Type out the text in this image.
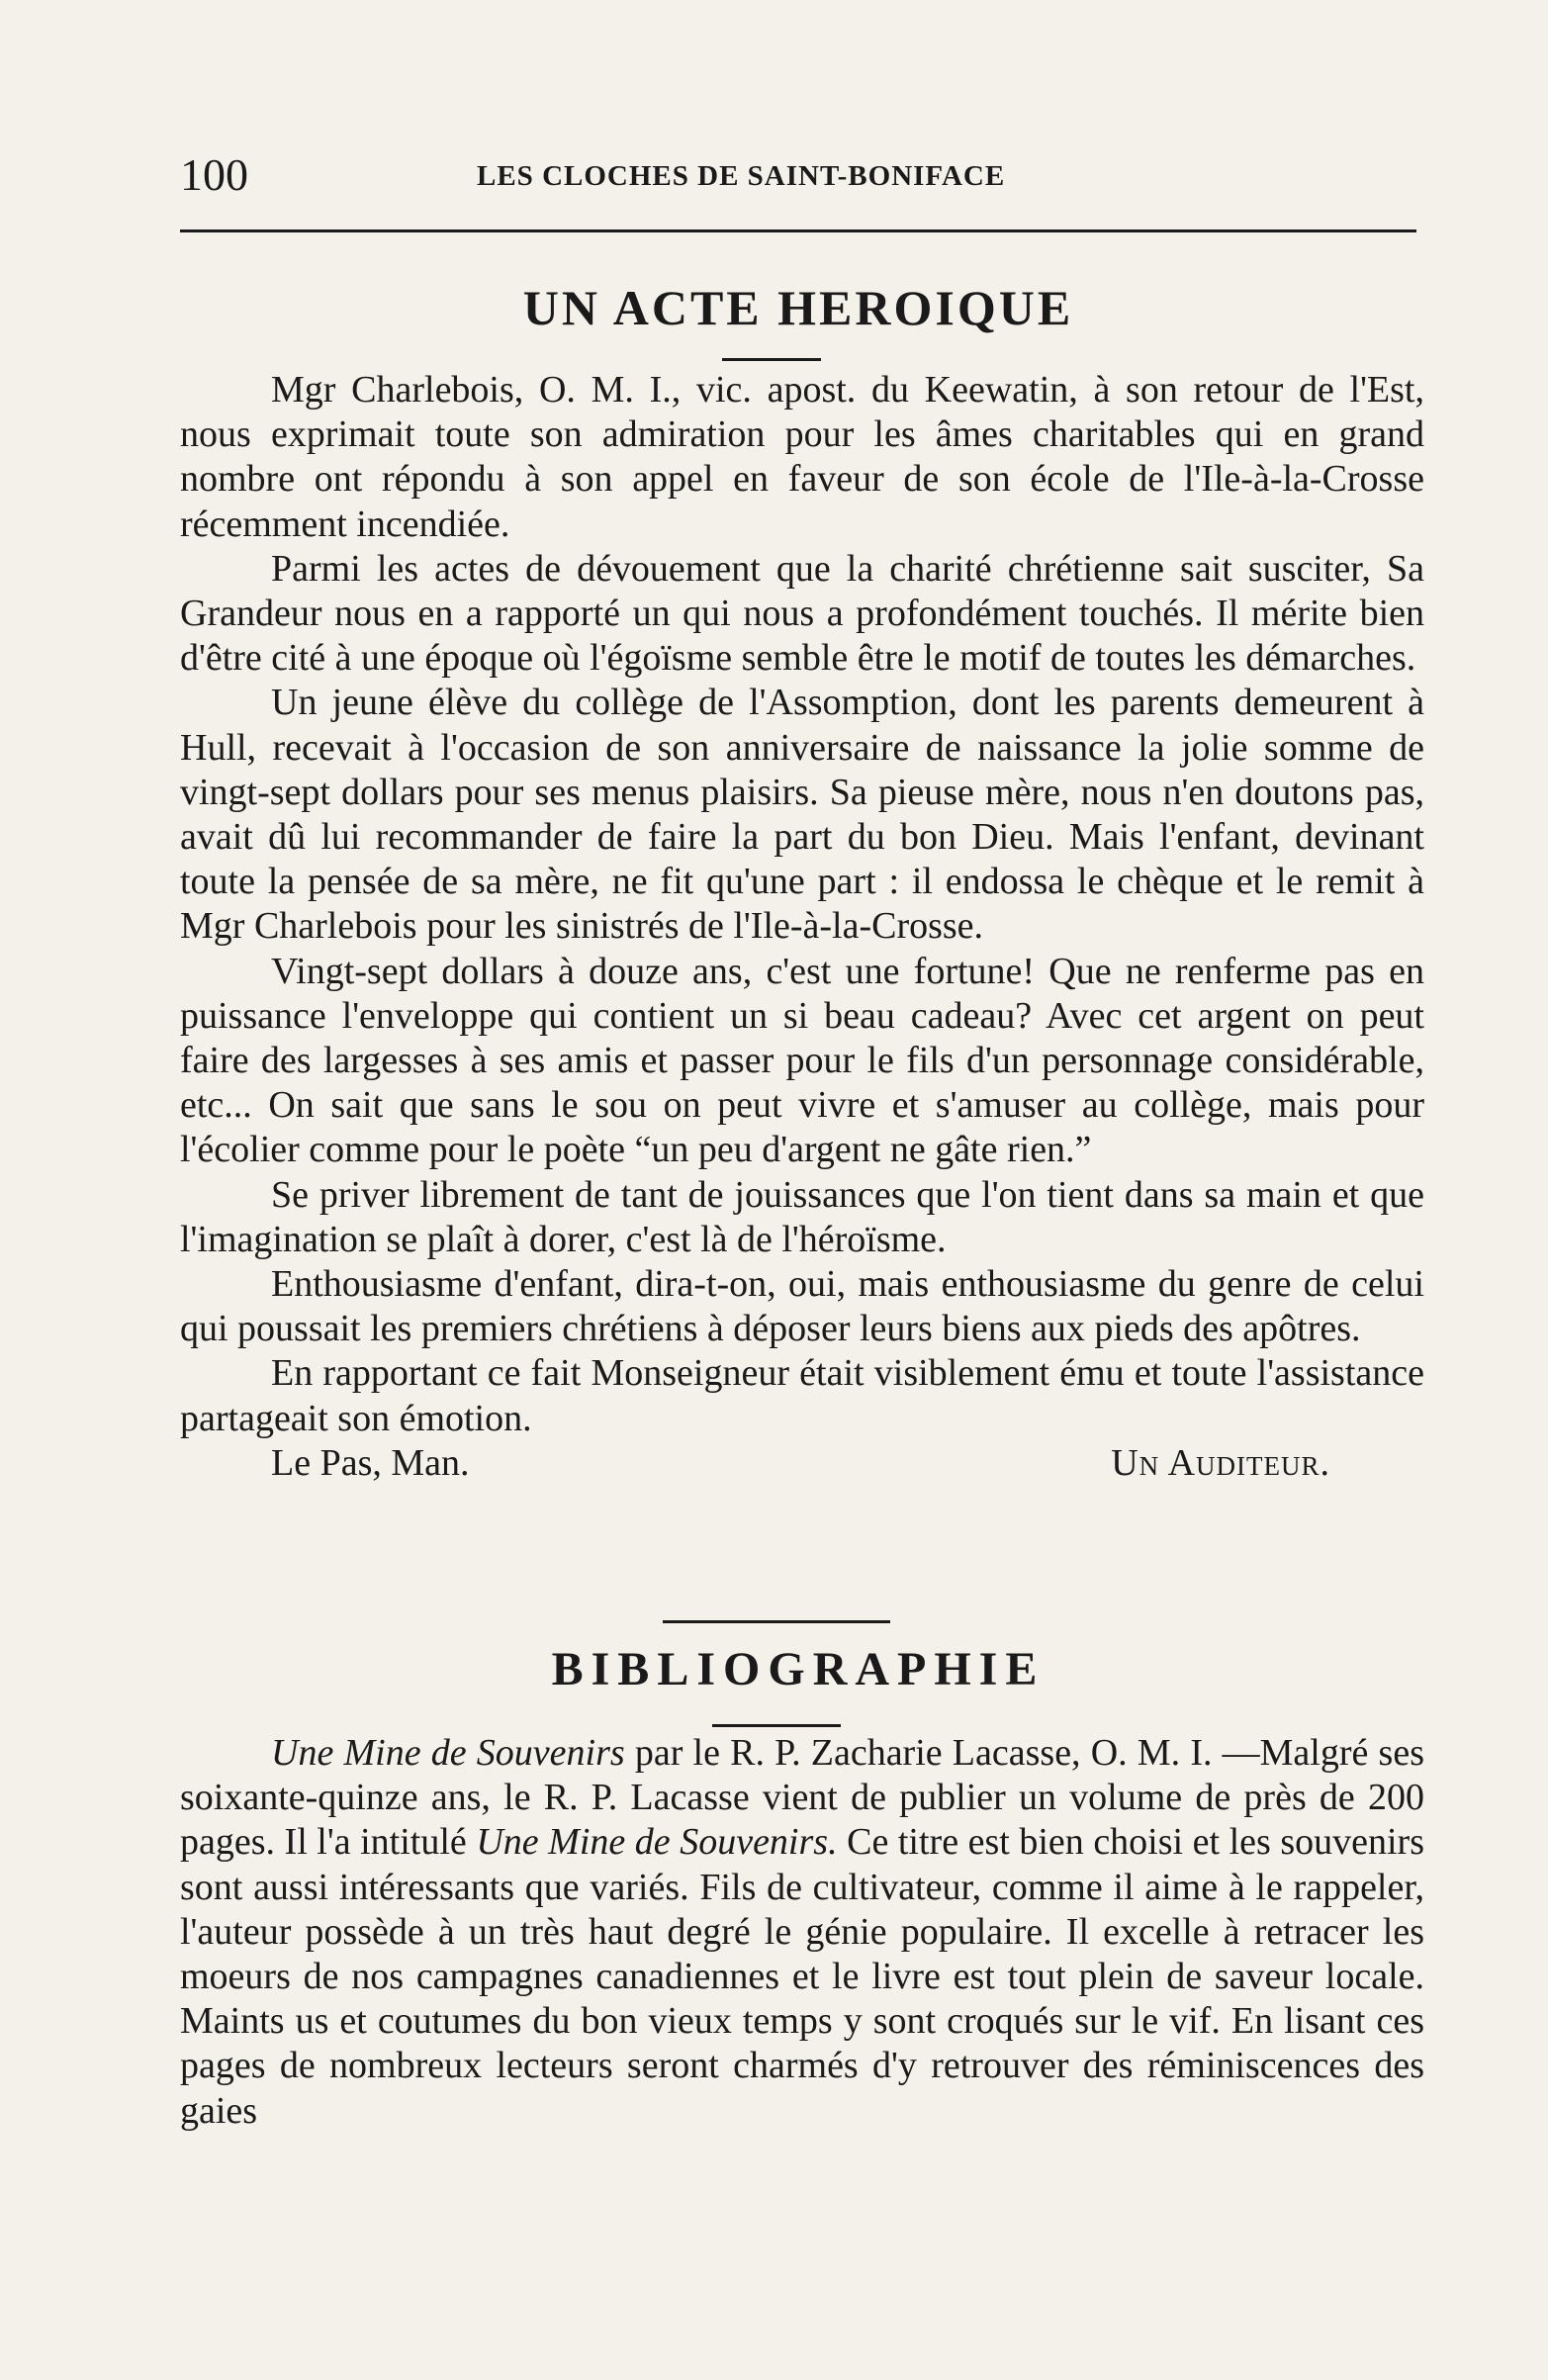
100	LES CLOCHES DE SAINT-BONIFACE
UN ACTE HEROIQUE

Mgr Charlebois, O. M. I., vic. apost. du Keewatin, à son retour de l'Est, nous exprimait toute son admiration pour les âmes charitables qui en grand nombre ont répondu à son appel en faveur de son école de l'Ile-à-la-Crosse récemment incendiée.

Parmi les actes de dévouement que la charité chrétienne sait susciter, Sa Grandeur nous en a rapporté un qui nous a profondément touchés. Il mérite bien d'être cité à une époque où l'égoïsme semble être le motif de toutes les démarches.

Un jeune élève du collège de l'Assomption, dont les parents demeurent à Hull, recevait à l'occasion de son anniversaire de naissance la jolie somme de vingt-sept dollars pour ses menus plaisirs. Sa pieuse mère, nous n'en doutons pas, avait dû lui recommander de faire la part du bon Dieu. Mais l'enfant, devinant toute la pensée de sa mère, ne fit qu'une part : il endossa le chèque et le remit à Mgr Charlebois pour les sinistrés de l'Ile-à-la-Crosse.

Vingt-sept dollars à douze ans, c'est une fortune! Que ne renferme pas en puissance l'enveloppe qui contient un si beau cadeau? Avec cet argent on peut faire des largesses à ses amis et passer pour le fils d'un personnage considérable, etc... On sait que sans le sou on peut vivre et s'amuser au collège, mais pour l'écolier comme pour le poète “un peu d'argent ne gâte rien.”

Se priver librement de tant de jouissances que l'on tient dans sa main et que l'imagination se plaît à dorer, c'est là de l'héroïsme.

Enthousiasme d'enfant, dira-t-on, oui, mais enthousiasme du genre de celui qui poussait les premiers chrétiens à déposer leurs biens aux pieds des apôtres.

En rapportant ce fait Monseigneur était visiblement ému et toute l'assistance partageait son émotion.

Le Pas, Man.	Un Auditeur.
BIBLIOGRAPHIE

Une Mine de Souvenirs par le R. P. Zacharie Lacasse, O. M. I. —Malgré ses soixante-quinze ans, le R. P. Lacasse vient de publier un volume de près de 200 pages. Il l'a intitulé Une Mine de Souvenirs. Ce titre est bien choisi et les souvenirs sont aussi intéressants que variés. Fils de cultivateur, comme il aime à le rappeler, l'auteur possède à un très haut degré le génie populaire. Il excelle à retracer les moeurs de nos campagnes canadiennes et le livre est tout plein de saveur locale. Maints us et coutumes du bon vieux temps y sont croqués sur le vif. En lisant ces pages de nombreux lecteurs seront charmés d'y retrouver des réminiscences des gaies
